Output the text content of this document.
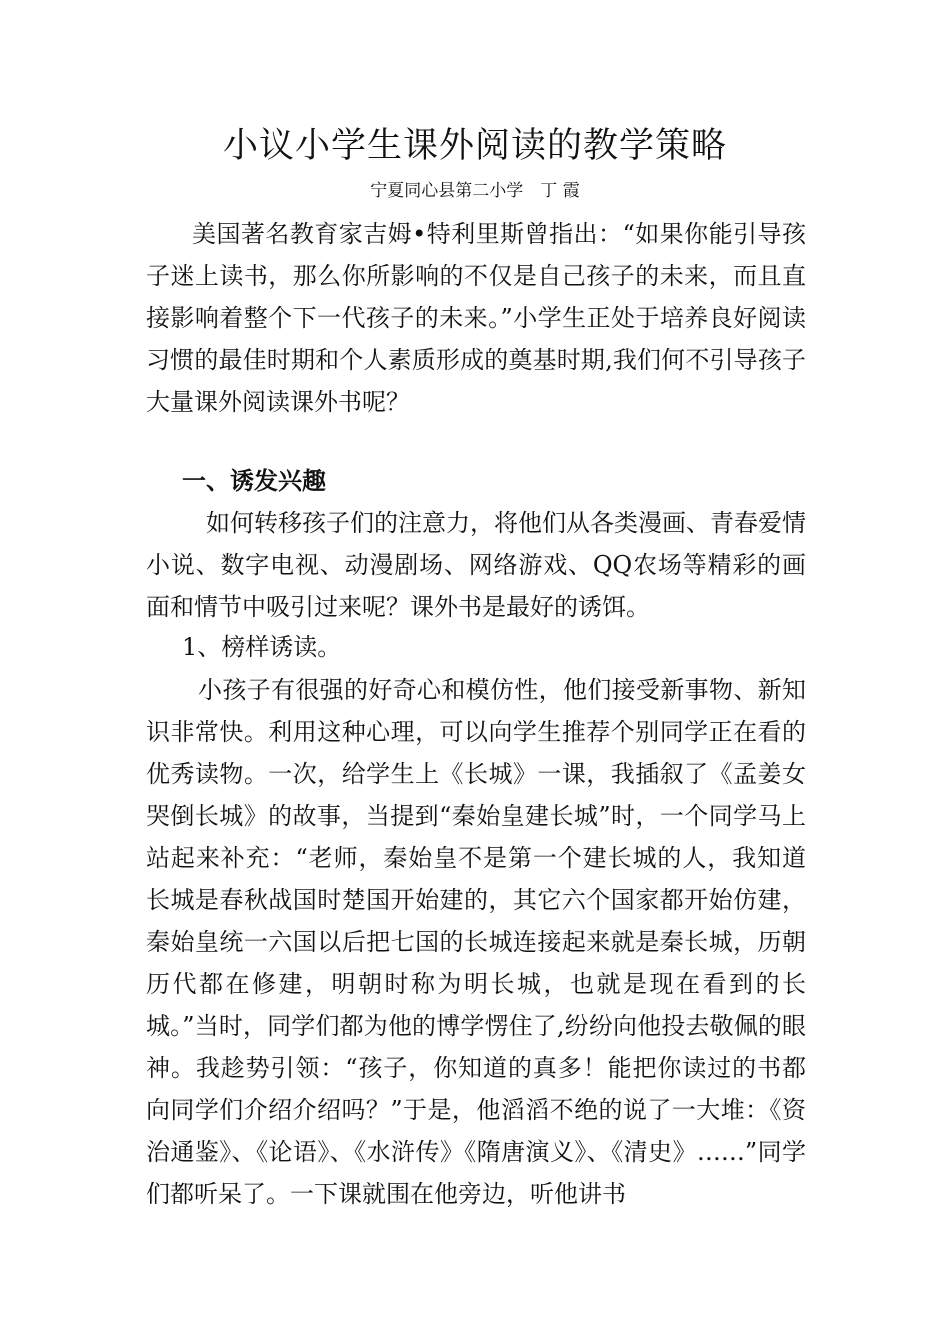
小议小学生课外阅读的教学策略
宁夏同心县第二小学　丁 霞
美国著名教育家吉姆•特利里斯曾指出：“如果你能引导孩子迷上读书，那么你所影响的不仅是自己孩子的未来，而且直接影响着整个下一代孩子的未来。”小学生正处于培养良好阅读习惯的最佳时期和个人素质形成的奠基时期,我们何不引导孩子大量课外阅读课外书呢？
一、诱发兴趣
如何转移孩子们的注意力，将他们从各类漫画、青春爱情小说、数字电视、动漫剧场、网络游戏、QQ农场等精彩的画面和情节中吸引过来呢？课外书是最好的诱饵。
1、榜样诱读。
小孩子有很强的好奇心和模仿性，他们接受新事物、新知识非常快。利用这种心理，可以向学生推荐个别同学正在看的优秀读物。一次，给学生上《长城》一课，我插叙了《孟姜女哭倒长城》的故事，当提到“秦始皇建长城”时，一个同学马上站起来补充：“老师，秦始皇不是第一个建长城的人，我知道长城是春秋战国时楚国开始建的，其它六个国家都开始仿建，秦始皇统一六国以后把七国的长城连接起来就是秦长城，历朝历代都在修建，明朝时称为明长城，也就是现在看到的长城。”当时，同学们都为他的博学愣住了,纷纷向他投去敬佩的眼神。我趁势引领：“孩子，你知道的真多！能把你读过的书都向同学们介绍介绍吗？”于是，他滔滔不绝的说了一大堆：《资治通鉴》、《论语》、《水浒传》《隋唐演义》、《清史》……”同学们都听呆了。一下课就围在他旁边，听他讲书
